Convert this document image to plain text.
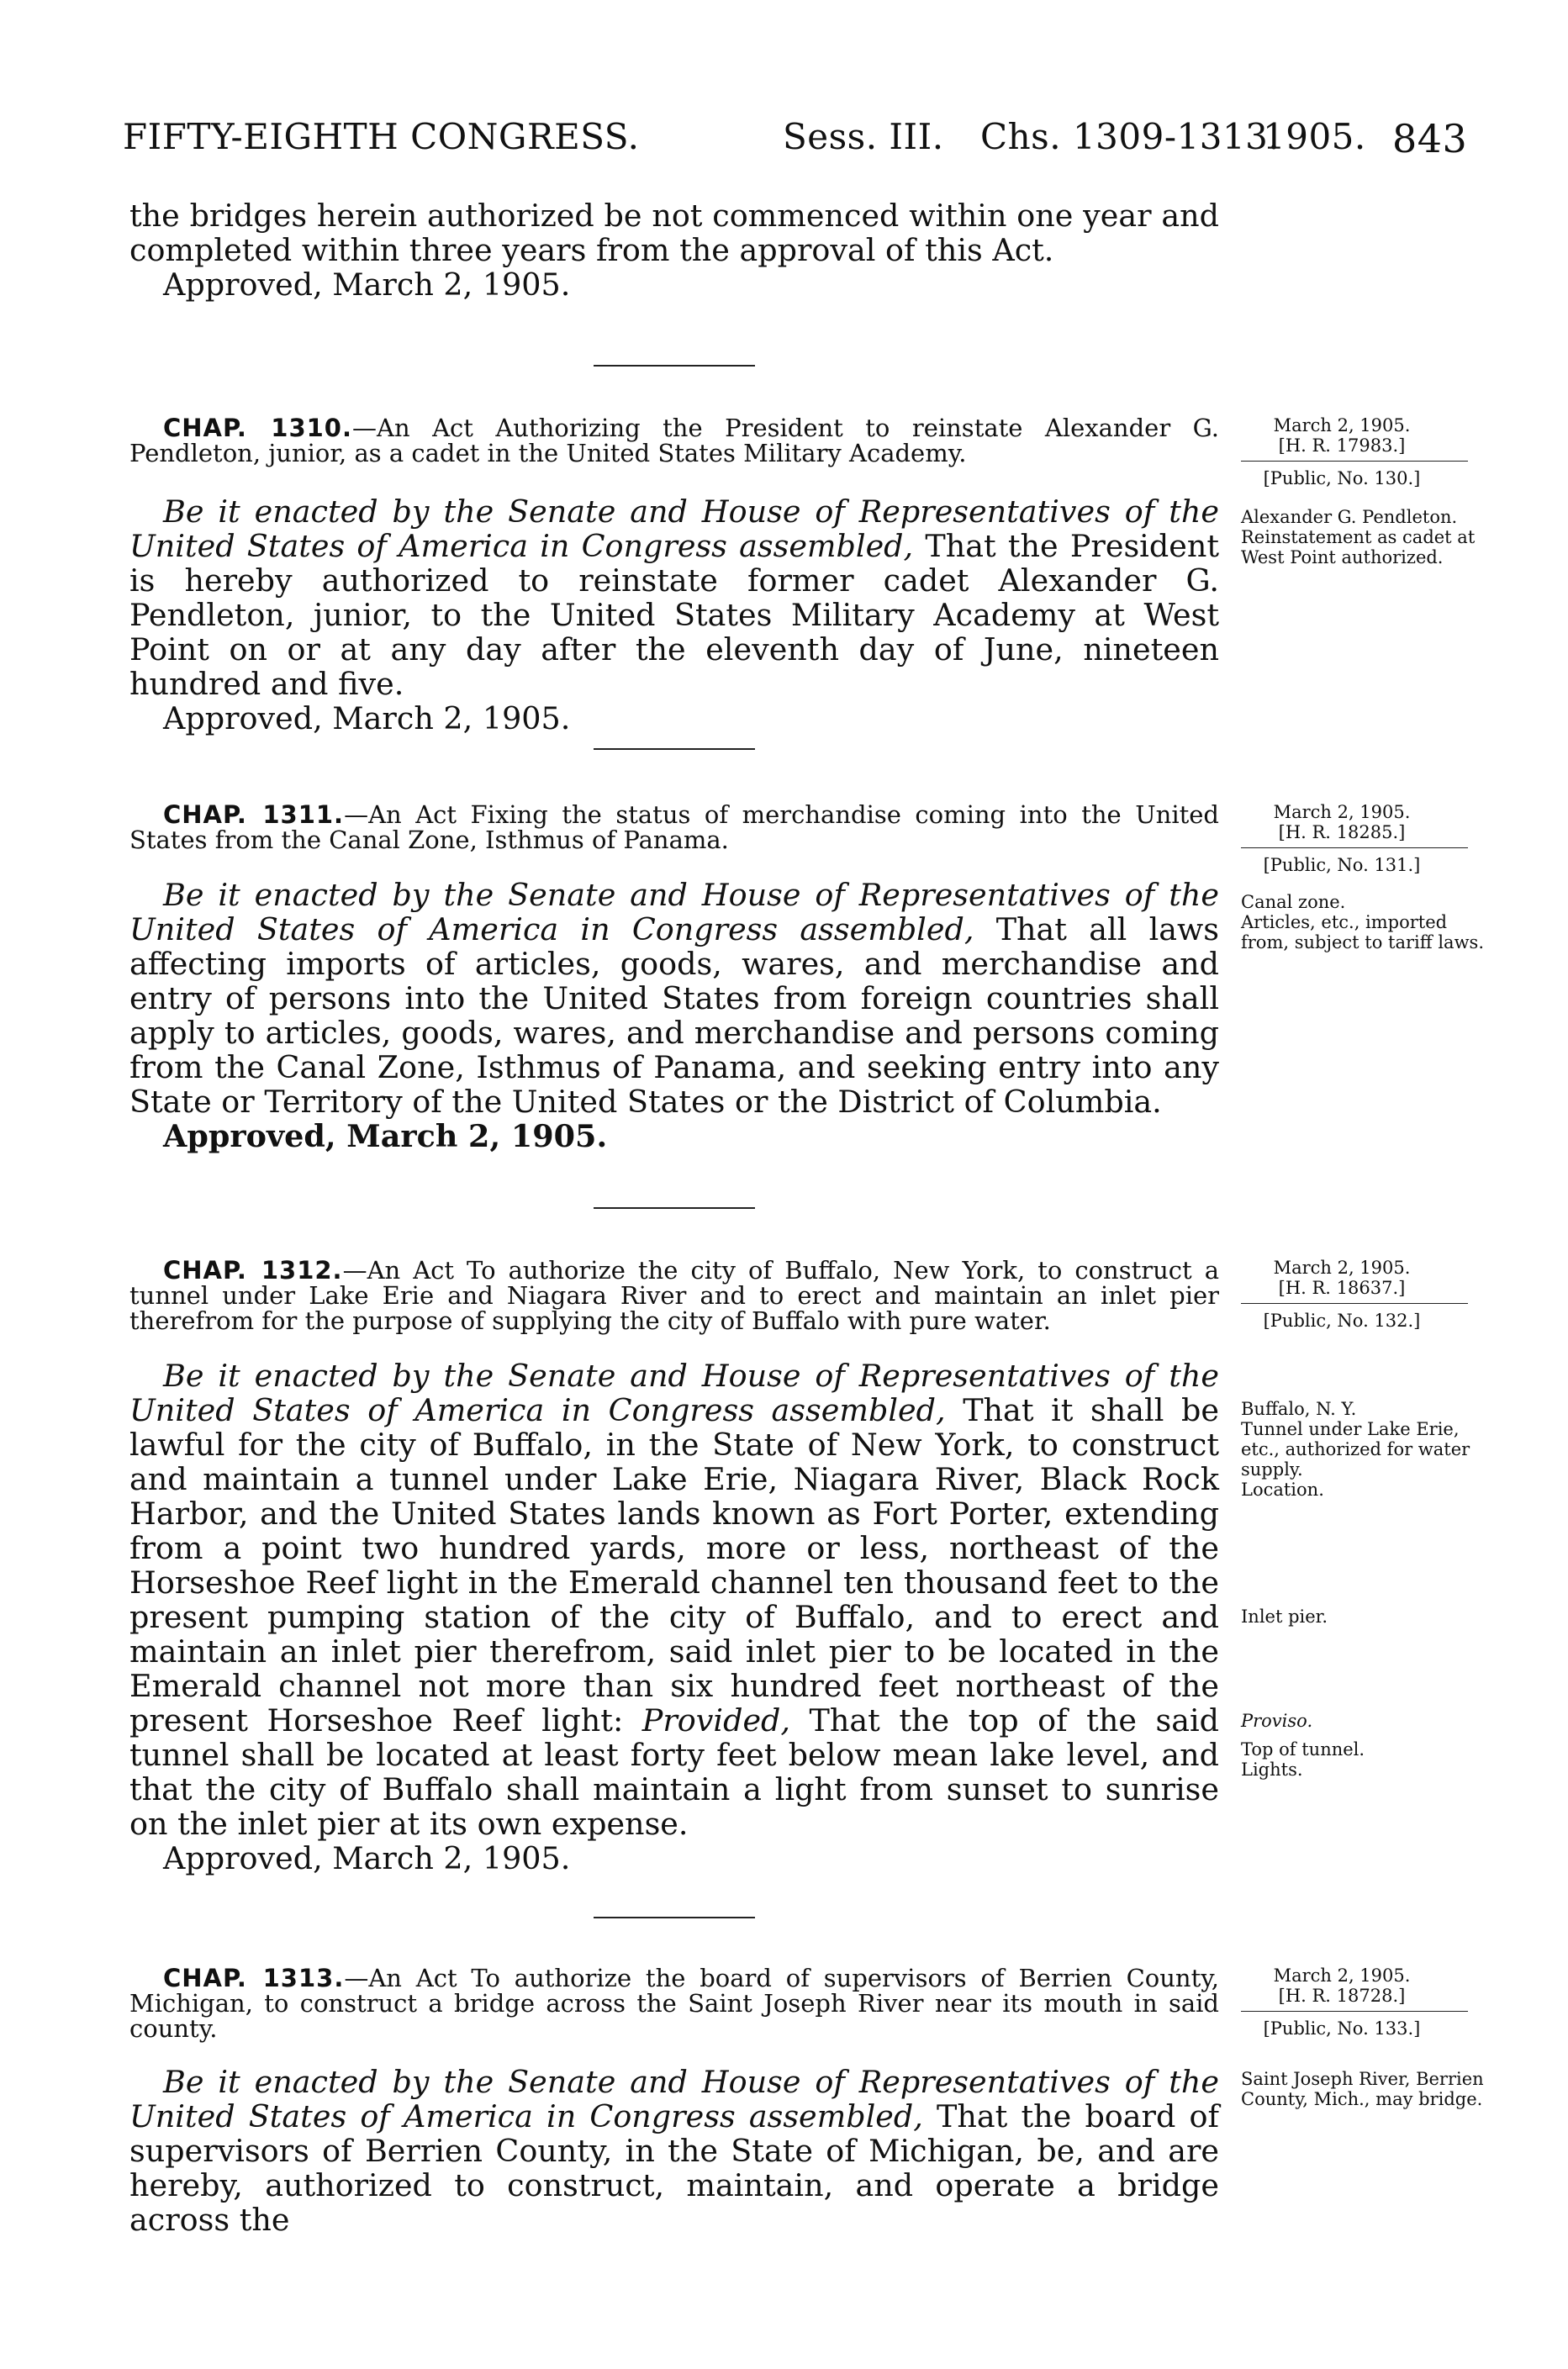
FIFTY-EIGHTH CONGRESS.	Sess. III. Chs. 1309-1313.
1905. 843

the bridges herein authorized be not commenced within one year and completed within three years from the approval of this Act.

Approved, March 2, 1905.

CHAP. 1310.—An Act Authorizing the President to reinstate Alexander G. Pendleton, junior, as a cadet in the United States Military Academy.

Be it enacted by the Senate and House of Representatives of the United States of America in Congress assembled, That the President is hereby authorized to reinstate former cadet Alexander G. Pendleton, junior, to the United States Military Academy at West Point on or at any day after the eleventh day of June, nineteen hundred and five.

Approved, March 2, 1905.

March 2, 1905.
[H. R. 17983.]
[Public, No. 130.]

Alexander G. Pendleton.

Reinstatement as cadet at West Point authorized.

CHAP. 1311.—An Act Fixing the status of merchandise coming into the United States from the Canal Zone, Isthmus of Panama.

Be it enacted by the Senate and House of Representatives of the United States of America in Congress assembled, That all laws affecting imports of articles, goods, wares, and merchandise and entry of persons into the United States from foreign countries shall apply to articles, goods, wares, and merchandise and persons coming from the Canal Zone, Isthmus of Panama, and seeking entry into any State or Territory of the United States or the District of Columbia.

Approved, March 2, 1905.

March 2, 1905.
[H. R. 18285.]
[Public, No. 131.]

Canal zone.

Articles, etc., imported from, subject to tariff laws.

CHAP. 1312.—An Act To authorize the city of Buffalo, New York, to construct a tunnel under Lake Erie and Niagara River and to erect and maintain an inlet pier therefrom for the purpose of supplying the city of Buffalo with pure water.

Be it enacted by the Senate and House of Representatives of the United States of America in Congress assembled, That it shall be lawful for the city of Buffalo, in the State of New York, to construct and maintain a tunnel under Lake Erie, Niagara River, Black Rock Harbor, and the United States lands known as Fort Porter, extending from a point two hundred yards, more or less, northeast of the Horseshoe Reef light in the Emerald channel ten thousand feet to the present pumping station of the city of Buffalo, and to erect and maintain an inlet pier therefrom, said inlet pier to be located in the Emerald channel not more than six hundred feet northeast of the present Horseshoe Reef light: Provided, That the top of the said tunnel shall be located at least forty feet below mean lake level, and that the city of Buffalo shall maintain a light from sunset to sunrise on the inlet pier at its own expense.

Approved, March 2, 1905.

March 2, 1905.
[H. R. 18637.]
[Public, No. 132.]

Buffalo, N. Y.

Tunnel under Lake Erie, etc., authorized for water supply.

Location.

Inlet pier.

Proviso.

Top of tunnel.

Lights.

CHAP. 1313.—An Act To authorize the board of supervisors of Berrien County, Michigan, to construct a bridge across the Saint Joseph River near its mouth in said county.

Be it enacted by the Senate and House of Representatives of the United States of America in Congress assembled, That the board of supervisors of Berrien County, in the State of Michigan, be, and are hereby, authorized to construct, maintain, and operate a bridge across the

March 2, 1905.
[H. R. 18728.]
[Public, No. 133.]

Saint Joseph River, Berrien County, Mich., may bridge.
